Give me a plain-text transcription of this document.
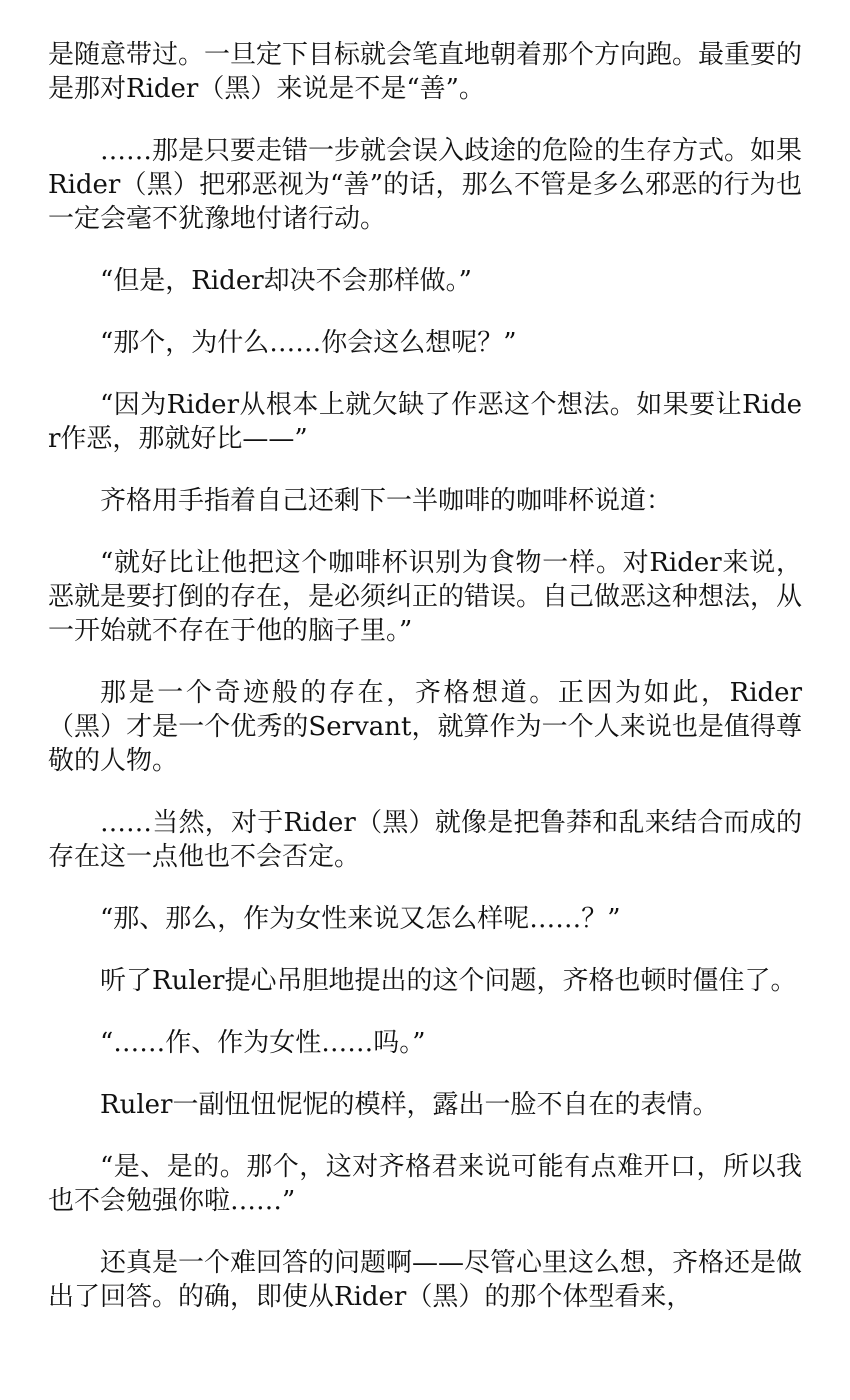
是随意带过。一旦定下目标就会笔直地朝着那个方向跑。最重要的是那对Rider（黑）来说是不是“善”。

……那是只要走错一步就会误入歧途的危险的生存方式。如果Rider（黑）把邪恶视为“善”的话，那么不管是多么邪恶的行为也一定会毫不犹豫地付诸行动。

“但是，Rider却决不会那样做。”

“那个，为什么……你会这么想呢？”

“因为Rider从根本上就欠缺了作恶这个想法。如果要让Rider作恶，那就好比——”

齐格用手指着自己还剩下一半咖啡的咖啡杯说道：

“就好比让他把这个咖啡杯识别为食物一样。对Rider来说，恶就是要打倒的存在，是必须纠正的错误。自己做恶这种想法，从一开始就不存在于他的脑子里。”

那是一个奇迹般的存在，齐格想道。正因为如此，Rider（黑）才是一个优秀的Servant，就算作为一个人来说也是值得尊敬的人物。

……当然，对于Rider（黑）就像是把鲁莽和乱来结合而成的存在这一点他也不会否定。

“那、那么，作为女性来说又怎么样呢……？”

听了Ruler提心吊胆地提出的这个问题，齐格也顿时僵住了。

“……作、作为女性……吗。”

Ruler一副忸忸怩怩的模样，露出一脸不自在的表情。

“是、是的。那个，这对齐格君来说可能有点难开口，所以我也不会勉强你啦……”

还真是一个难回答的问题啊——尽管心里这么想，齐格还是做出了回答。的确，即使从Rider（黑）的那个体型看来，
